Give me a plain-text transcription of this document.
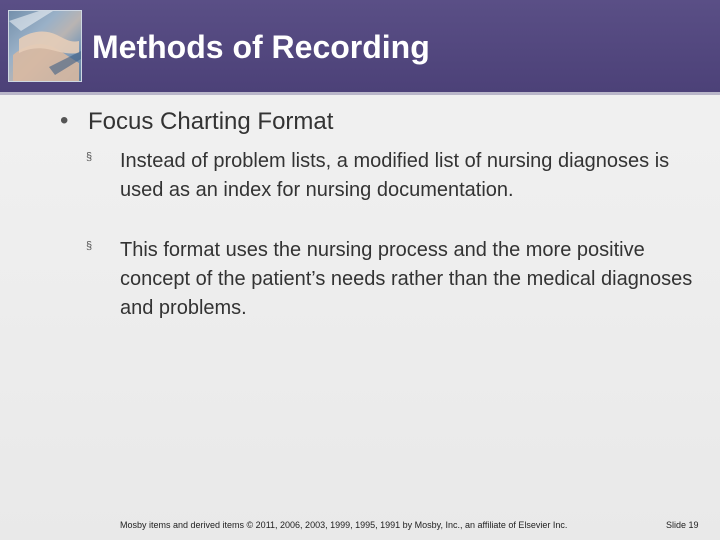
Methods of Recording
• Focus Charting Format
§ Instead of problem lists, a modified list of nursing diagnoses is used as an index for nursing documentation.
§ This format uses the nursing process and the more positive concept of the patient’s needs rather than the medical diagnoses and problems.
Mosby items and derived items © 2011, 2006, 2003, 1999, 1995, 1991 by Mosby, Inc., an affiliate of Elsevier Inc.	Slide 19
